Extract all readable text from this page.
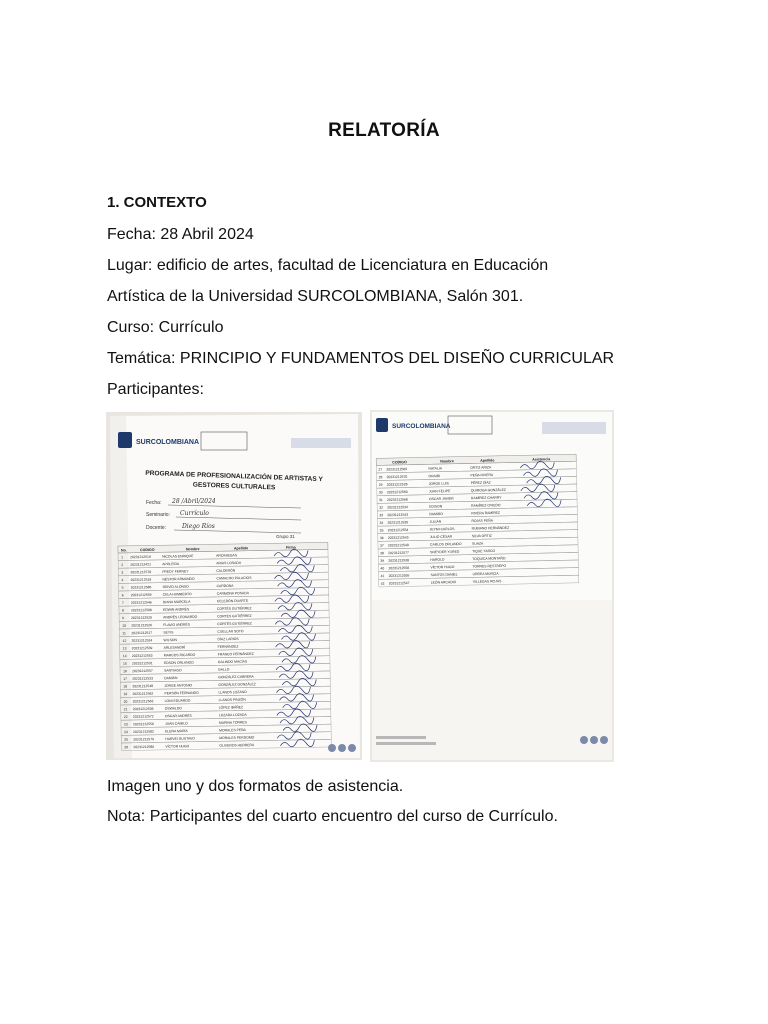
RELATORÍA
1. CONTEXTO
Fecha: 28 Abril 2024
Lugar: edificio de artes, facultad de Licenciatura en Educación
Artística de la Universidad SURCOLOMBIANA, Salón 301.
Curso: Currículo
Temática: PRINCIPIO Y FUNDAMENTOS DEL DISEÑO CURRICULAR
Participantes:
SURCOLOMBIANA
PROGRAMA DE PROFESIONALIZACIÓN DE ARTISTAS Y
GESTORES CULTURALES
Fecha: 28 /Abril/2024
Seminario: Currículo
Docente:	Diego Ríos
Grupo 31
No.	CODIGO	Nombre	Apellido	Firma
1 20231212519	NICOLAS ENRIQUE	ARCINIEGAS
2 20231212421	APOLEIDA	ARIAS LOSADA
3 20231212578	FREDY FERNEY	CALDERÓN
4 20231212519	NÉSTOR ARMANDO	CAMACHO PALACIOS
5 20231212586	DEIVID ALONSO	CARDONA
6 20231212559	CELA HUMBERTO	CARMONA POSADA
7 20231212546	DIANA MARCELA	CELEDÓN DUARTE
8 20231212508	EDWIN ANDRÉS	CORTÉS GUTIÉRREZ
9 20231212520	ANDRÉS LEONARDO	CORTÉS GUTIÉRREZ
10 20231212526	FLAVIO ANDRÉS	CORTÉS GUTIÉRREZ
11 20231212517	SEYIS	CUELLAR SOTO
12 20231212524	WILSON	DÍAZ LARIOS
13 20231212539	ARLESANDRÍ	FERNÁNDEZ
14 20231212553	MARCOS RICARDO	FRANCO FERNÁNDEZ
15 20231212531	EDSON ORLANDO	GALINDO MACÍAS
16 20231212557	SANTIAGO	GALLO
17 20231212533	DAMIÁN	GONZÁLEZ CABRERA
18 20231212548	JORGE ANTONIO	GONZÁLEZ GONZÁLEZ
19 20231212562	PERSÓN FERNANDO	LLANOS LOZANO
20 20231212563	LONI EDUARDO	LLANOS PINZÓN
21 20231212536	OSWALDO	LÓPEZ IBÁÑEZ
22 20231212572	OSCAR ANDRÉS	LOZADA LOZADA
23 20231212550	JUAN CAMILO	MARINA TORRES
24 20231212582	ELENA MARÍA	MORALES PEÑA
25 20231212579	HARVEI GUSTAVO	MORALES PERDOMO
26 20231212580	VÍCTOR HUGO	OLIVEROS HERRERA
SURCOLOMBIANA
CODIGO	Nombre	Apellido	Asistencia
27 20231212569	NATALIA	ORTIZ ARIZA
28 20231212570	ORAIBI	PEÑA RIVERA
29 20231212528	JORGE LUIS	PÉREZ DÍAZ
30 20231212560	JUAN FELIPE	QUIROGA GONZÁLEZ
31 20231212568	OSCAR JAVIER	RAMÍREZ CHARRY
32 20231212534	EDISON	RAMÍREZ OVIEDO
33 20231212543	RAMIRO	RIVERA RAMÍREZ
34 20231212535	JULIÁN	ROJAS PEÑA
35 20231212554	JEYMI CARLOS	RUBIANO HERNÁNDEZ
36 20231212545	JULIO CÉSAR	SILVA ORTIZ
37 20231212540	CARLOS ORLANDO	SUAZA
38 20231212577	SNEYDER YURED	TIQUE YARCO
39 20231212538	HAROLD	TOQUICA MONTAÑO
40 20231212556	VÍCTOR HUGO	TORRES RESTREPO
41 20231212555	SANTOS DANIEL	URREA MURCIA
42 20231212547	LEÓN ARCADIO	VILLEGAS ROJAS
Imagen uno y dos formatos de asistencia.
Nota: Participantes del cuarto encuentro del curso de Currículo.
